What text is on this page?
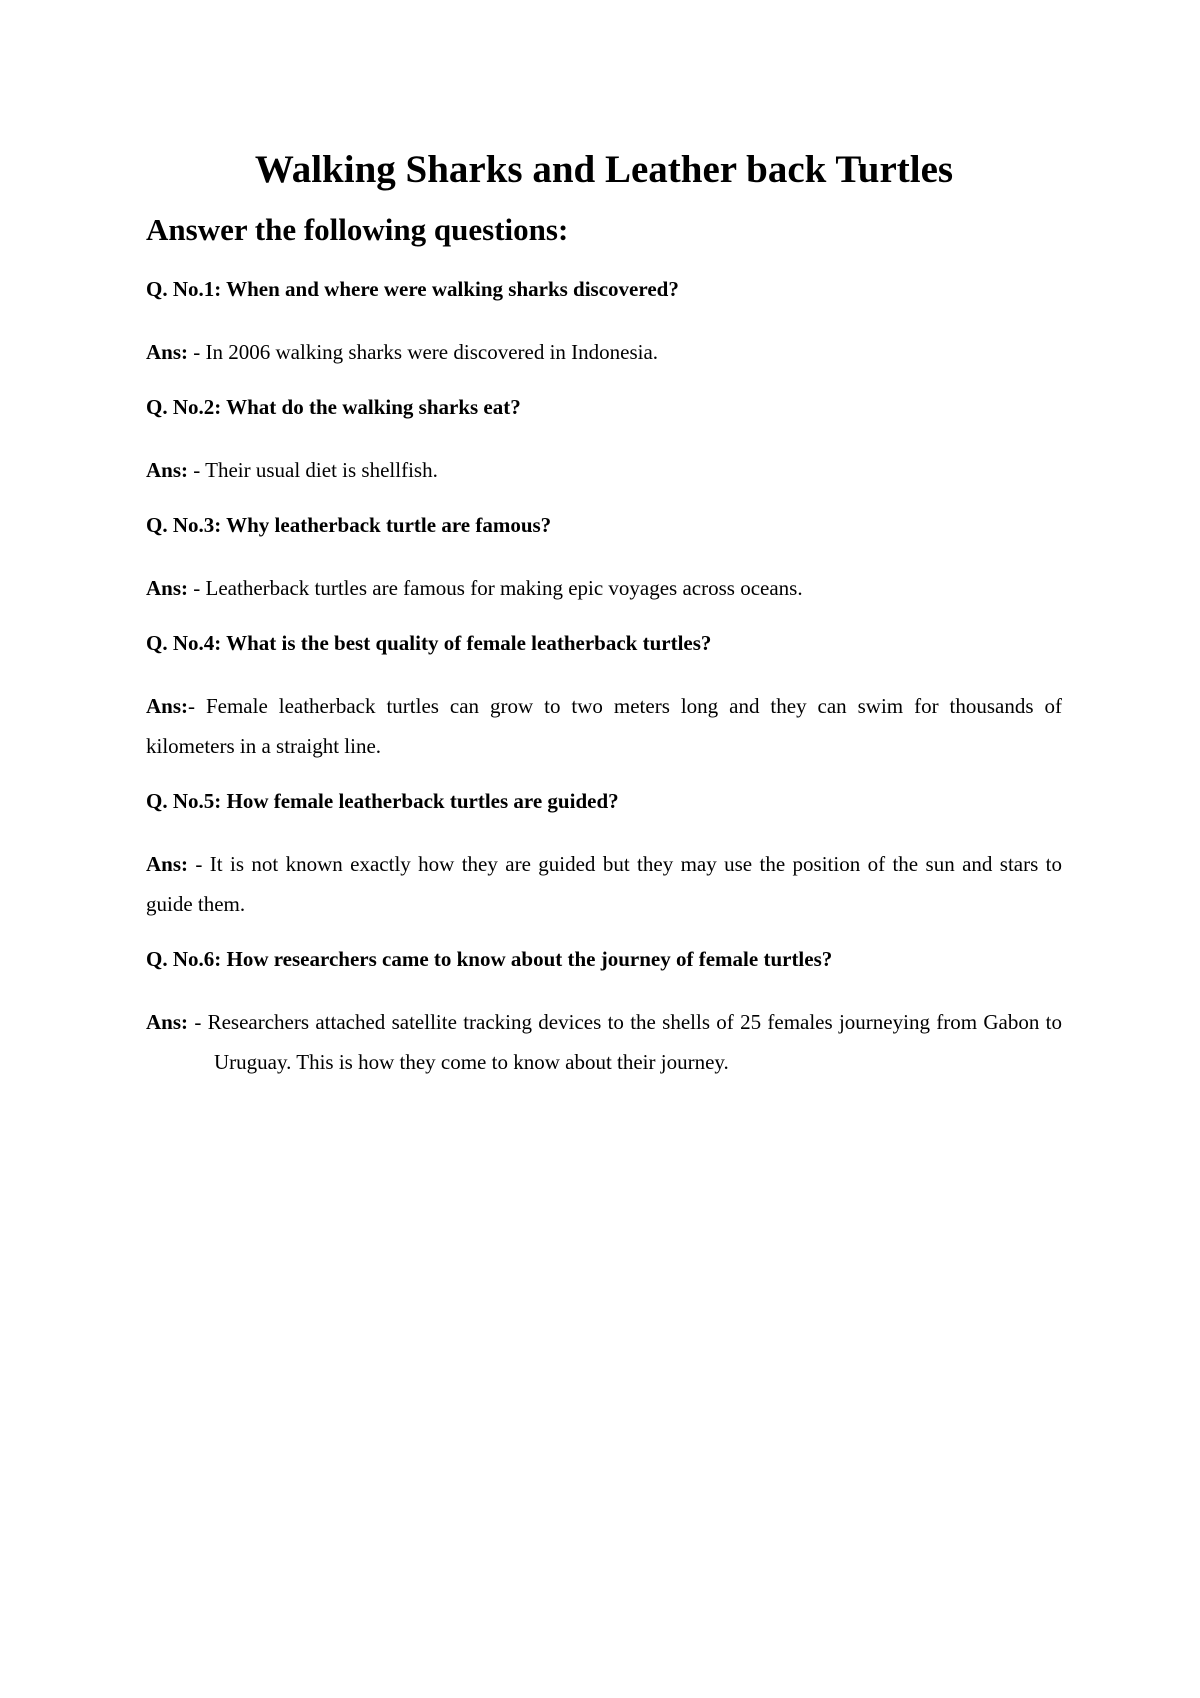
Walking Sharks and Leather back Turtles
Answer the following questions:

Q. No.1: When and where were walking sharks discovered?

Ans: - In 2006 walking sharks were discovered in Indonesia.

Q. No.2: What do the walking sharks eat?

Ans: - Their usual diet is shellfish.

Q. No.3: Why leatherback turtle are famous?

Ans: - Leatherback turtles are famous for making epic voyages across oceans.

Q. No.4: What is the best quality of female leatherback turtles?

Ans:- Female leatherback turtles can grow to two meters long and they can swim for thousands of kilometers in a straight line.

Q. No.5: How female leatherback turtles are guided?

Ans: - It is not known exactly how they are guided but they may use the position of the sun and stars to guide them.

Q. No.6: How researchers came to know about the journey of female turtles?

Ans: - Researchers attached satellite tracking devices to the shells of 25 females journeying from Gabon to Uruguay. This is how they come to know about their journey.
